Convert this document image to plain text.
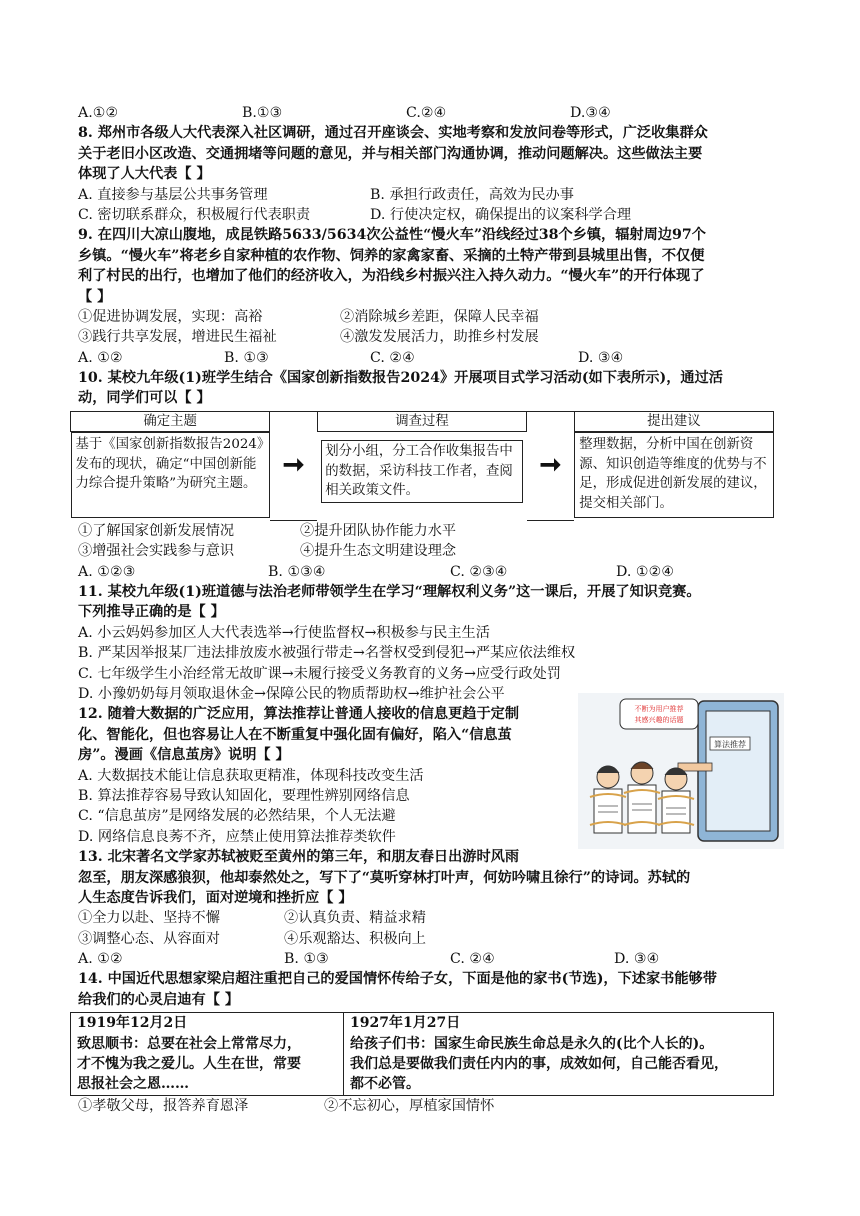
A.①②	B.①③	C.②④	D.③④
8. 郑州市各级人大代表深入社区调研，通过召开座谈会、实地考察和发放问卷等形式，广泛收集群众
关于老旧小区改造、交通拥堵等问题的意见，并与相关部门沟通协调，推动问题解决。这些做法主要
体现了人大代表【 】
A. 直接参与基层公共事务管理	B. 承担行政责任，高效为民办事
C. 密切联系群众，积极履行代表职责	D. 行使决定权，确保提出的议案科学合理
9. 在四川大凉山腹地，成昆铁路5633/5634次公益性“慢火车”沿线经过38个乡镇，辐射周边97个
乡镇。“慢火车”将老乡自家种植的农作物、饲养的家禽家畜、采摘的土特产带到县城里出售，不仅便
利了村民的出行，也增加了他们的经济收入，为沿线乡村振兴注入持久动力。“慢火车”的开行体现了
【 】
①促进协调发展，实现：高裕	②消除城乡差距，保障人民幸福
③践行共享发展，增进民生福祉	④激发发展活力，助推乡村发展
A. ①②	B. ①③	C. ②④	D. ③④
10. 某校九年级(1)班学生结合《国家创新指数报告2024》开展项目式学习活动(如下表所示)，通过活
动，同学们可以【 】
确定主题	➞	调查过程	➞	提出建议

基于《国家创新指数报告2024》发布的现状，确定“中国创新能力综合提升策略”为研究主题。		划分小组，分工合作收集报告中的数据，采访科技工作者，查阅相关政策文件。		整理数据，分析中国在创新资源、知识创造等维度的优势与不足，形成促进创新发展的建议，提交相关部门。
①了解国家创新发展情况	②提升团队协作能力水平
③增强社会实践参与意识	④提升生态文明建设理念
A. ①②③	B. ①③④	C. ②③④	D. ①②④
11. 某校九年级(1)班道德与法治老师带领学生在学习“理解权利义务”这一课后，开展了知识竞赛。
下列推导正确的是【 】
A. 小云妈妈参加区人大代表选举→行使监督权→积极参与民主生活
B. 严某因举报某厂违法排放废水被强行带走→名誉权受到侵犯→严某应依法维权
C. 七年级学生小治经常无故旷课→未履行接受义务教育的义务→应受行政处罚
D. 小豫奶奶每月领取退休金→保障公民的物质帮助权→维护社会公平
12. 随着大数据的广泛应用，算法推荐让普通人接收的信息更趋于定制
化、智能化，但也容易让人在不断重复中强化固有偏好，陷入“信息茧
房”。漫画《信息茧房》说明【 】
A. 大数据技术能让信息获取更精准，体现科技改变生活
B. 算法推荐容易导致认知固化，要理性辨别网络信息
C. “信息茧房”是网络发展的必然结果，个人无法避
D. 网络信息良莠不齐，应禁止使用算法推荐类软件
13. 北宋著名文学家苏轼被贬至黄州的第三年，和朋友春日出游时风雨
忽至，朋友深感狼狈，他却泰然处之，写下了“莫听穿林打叶声，何妨吟啸且徐行”的诗词。苏轼的
人生态度告诉我们，面对逆境和挫折应【 】
①全力以赴、坚持不懈	②认真负责、精益求精
③调整心态、从容面对	④乐观豁达、积极向上
A. ①②	B. ①③	C. ②④	D. ③④
14. 中国近代思想家梁启超注重把自己的爱国情怀传给子女，下面是他的家书(节选)，下述家书能够带
给我们的心灵启迪有【 】
1919年12月2日
致思顺书：总要在社会上常常尽力，
才不愧为我之爱儿。人生在世，常要
思报社会之恩……

1927年1月27日
给孩子们书：国家生命民族生命总是永久的(比个人长的)。
我们总是要做我们责任内内的事，成效如何，自己能否看见，
都不必管。
①孝敬父母，报答养育恩泽	②不忘初心，厚植家国情怀
算法推荐
不断为用户推荐
其感兴趣的话题
